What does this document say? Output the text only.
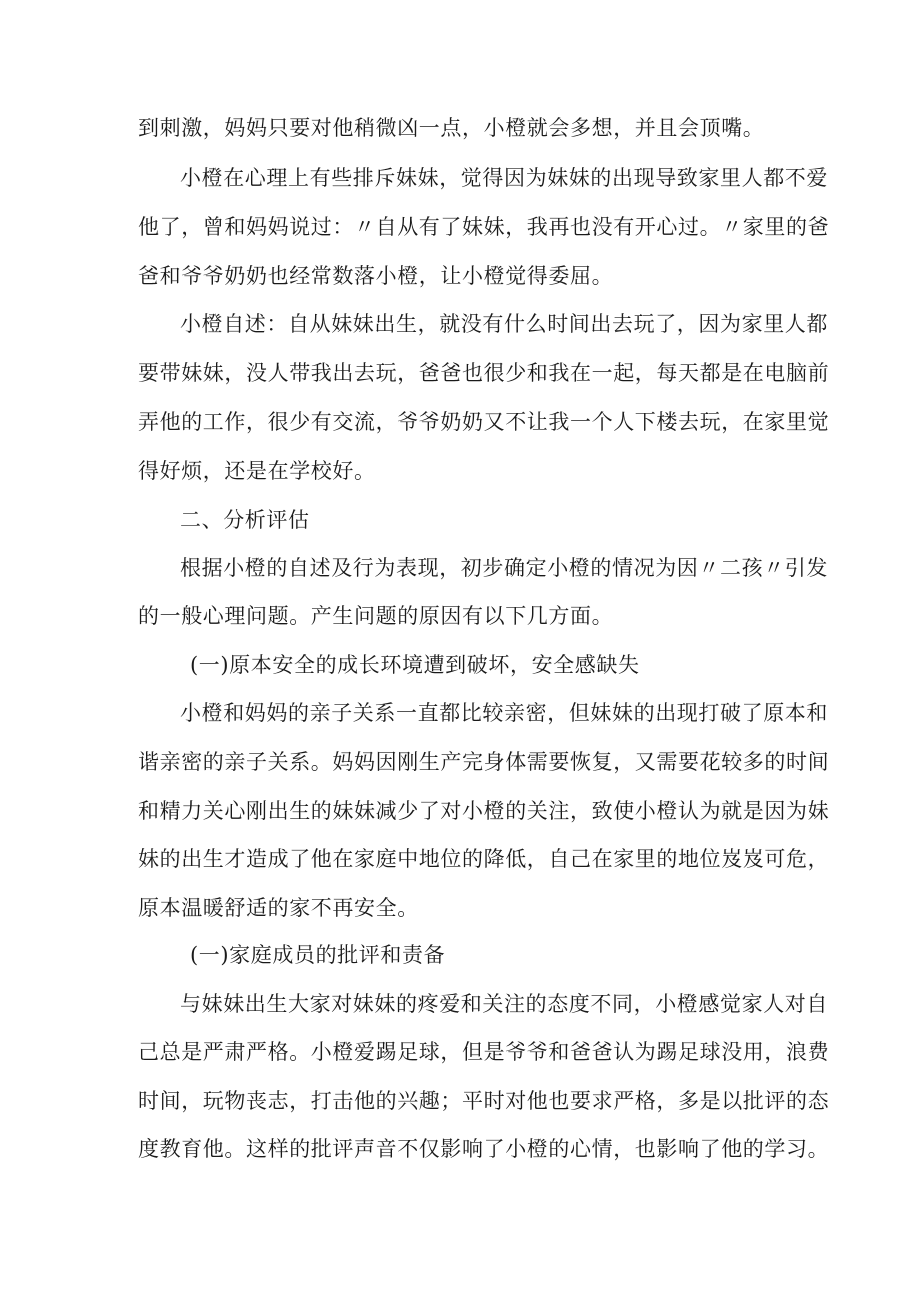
到刺激，妈妈只要对他稍微凶一点，小橙就会多想，并且会顶嘴。
小橙在心理上有些排斥妹妹，觉得因为妹妹的出现导致家里人都不爱
他了，曾和妈妈说过：〃自从有了妹妹，我再也没有开心过。〃家里的爸
爸和爷爷奶奶也经常数落小橙，让小橙觉得委屈。
小橙自述：自从妹妹出生，就没有什么时间出去玩了，因为家里人都
要带妹妹，没人带我出去玩，爸爸也很少和我在一起，每天都是在电脑前
弄他的工作，很少有交流，爷爷奶奶又不让我一个人下楼去玩，在家里觉
得好烦，还是在学校好。
二、分析评估
根据小橙的自述及行为表现，初步确定小橙的情况为因〃二孩〃引发
的一般心理问题。产生问题的原因有以下几方面。
(一)原本安全的成长环境遭到破坏，安全感缺失
小橙和妈妈的亲子关系一直都比较亲密，但妹妹的出现打破了原本和
谐亲密的亲子关系。妈妈因刚生产完身体需要恢复，又需要花较多的时间
和精力关心刚出生的妹妹减少了对小橙的关注，致使小橙认为就是因为妹
妹的出生才造成了他在家庭中地位的降低，自己在家里的地位岌岌可危，
原本温暖舒适的家不再安全。
(一)家庭成员的批评和责备
与妹妹出生大家对妹妹的疼爱和关注的态度不同，小橙感觉家人对自
己总是严肃严格。小橙爱踢足球，但是爷爷和爸爸认为踢足球没用，浪费
时间，玩物丧志，打击他的兴趣；平时对他也要求严格，多是以批评的态
度教育他。这样的批评声音不仅影响了小橙的心情，也影响了他的学习。
